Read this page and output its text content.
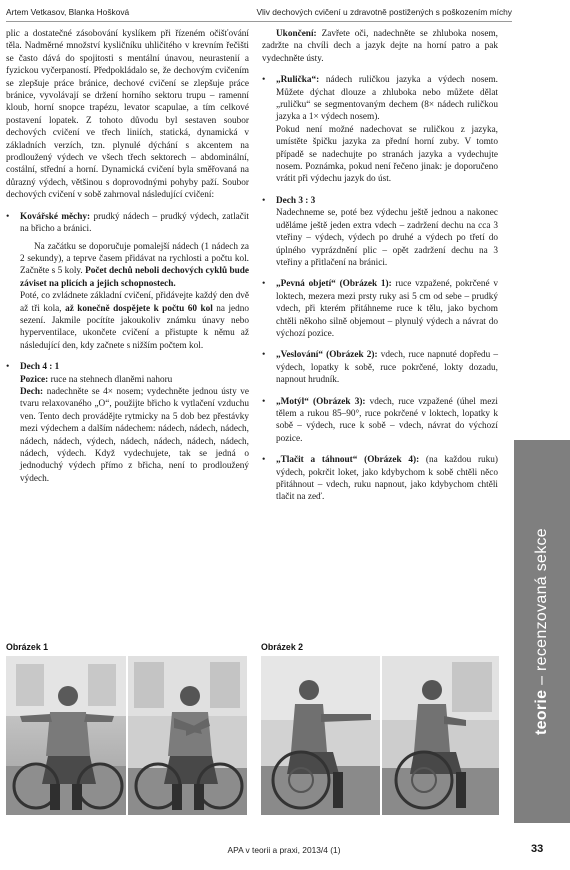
Artem Vetkasov, Blanka Hošková	Vliv dechových cvičení u zdravotně postižených s poškozením míchy

plic a dostatečné zásobování kyslíkem při řízeném očišťování těla. Nadměrné množství kysličníku uhličitého v krevním řečišti se často dává do spojitosti s mentální únavou, neurastenií a fyzickou vyčerpaností. Předpokládalo se, že dechovým cvičením se zlepšuje práce bránice, dechové cvičení se zlepšuje práce bránice, vyvolávají se držení horního sektoru trupu – ramenní kloub, horní snopce trapézu, levator scapulae, a tím celkové postavení lopatek. Z tohoto důvodu byl sestaven soubor dechových cvičení ve třech liniích, statická, dynamická v základních verzích, tzn. plynulé dýchání s akcentem na prodloužený výdech ve všech třech sektorech – abdominální, costální, střední a horní. Dynamická cvičení byla směřovaná na důrazný výdech, většinou s doprovodnými pohyby paží. Soubor dechových cvičení v sobě zahrnoval následující cvičení:

• Kovářské měchy: prudký nádech – prudký výdech, zatlačit na břicho a bránici.

Na začátku se doporučuje pomalejší nádech (1 nádech za 2 sekundy), a teprve časem přidávat na rychlosti a počtu kol. Začněte s 5 koly. Počet dechů neboli dechových cyklů bude záviset na plicích a jejich schopnostech.

Poté, co zvládnete základní cvičení, přidávejte každý den dvě až tři kola, až konečně dospějete k počtu 60 kol na jedno sezení. Jakmile pocítíte jakoukoliv známku únavy nebo hyperventilace, ukončete cvičení a přistupte k němu až následující den, kdy začnete s nižším počtem kol.

• Dech 4 : 1

Pozice: ruce na stehnech dlaněmi nahoru

Dech: nadechněte se 4× nosem; vydechněte jednou ústy ve tvaru relaxovaného „O“, použijte břicho k vytlačení vzduchu ven. Tento dech provádějte rytmicky na 5 dob bez přestávky mezi výdechem a dalším nádechem: nádech, nádech, nádech, nádech, nádech, výdech, nádech, nádech, nádech, nádech, nádech, výdech. Když vydechujete, tak se jedná o jednoduchý výdech přímo z břicha, není to prodloužený výdech.

Ukončení: Zavřete oči, nadechněte se zhluboka nosem, zadržte na chvíli dech a jazyk dejte na horní patro a pak vydechněte ústy.

• „Rulička“: nádech ruličkou jazyka a výdech nosem. Můžete dýchat dlouze a zhluboka nebo můžete dělat „ruličku“ se segmentovaným dechem (8× nádech ruličkou jazyka a 1× výdech nosem).

Pokud není možné nadechovat se ruličkou z jazyka, umístěte špičku jazyka za přední horní zuby. V tomto případě se nadechujte po stranách jazyka a vydechujte nosem. Poznámka, pokud není řečeno jinak: je doporučeno vrátit při výdechu jazyk do úst.

• Dech 3 : 3

Nadechneme se, poté bez výdechu ještě jednou a nakonec uděláme ještě jeden extra vdech – zadržení dechu na cca 3 vteřiny – výdech, výdech po druhé a výdech po třetí do úplného vyprázdnění plic – opět zadržení dechu na 3 vteřiny a přitlačení na bránici.

• „Pevná objetí“ (Obrázek 1): ruce vzpažené, pokrčené v loktech, mezera mezi prsty ruky asi 5 cm od sebe – prudký vdech, při kterém přitáhneme ruce k tělu, jako bychom chtěli někoho silně objemout – plynulý výdech a návrat do výchozí pozice.

• „Veslování“ (Obrázek 2): vdech, ruce napnuté dopředu – výdech, lopatky k sobě, ruce pokrčené, lokty dozadu, napnout hrudník.

• „Motýl“ (Obrázek 3): vdech, ruce vzpažené (úhel mezi tělem a rukou 85–90°, ruce pokrčené v loktech, lopatky k sobě – výdech, ruce k sobě – vdech, návrat do výchozí pozice.

• „Tlačit a táhnout“ (Obrázek 4): (na každou ruku) výdech, pokrčit loket, jako kdybychom k sobě chtěli něco přitáhnout – vdech, ruku napnout, jako kdybychom chtěli tlačit na zeď.

Obrázek 1	Obrázek 2
teorie
–
recenzovaná sekce
APA v teorii a praxi, 2013/4 (1)	33
